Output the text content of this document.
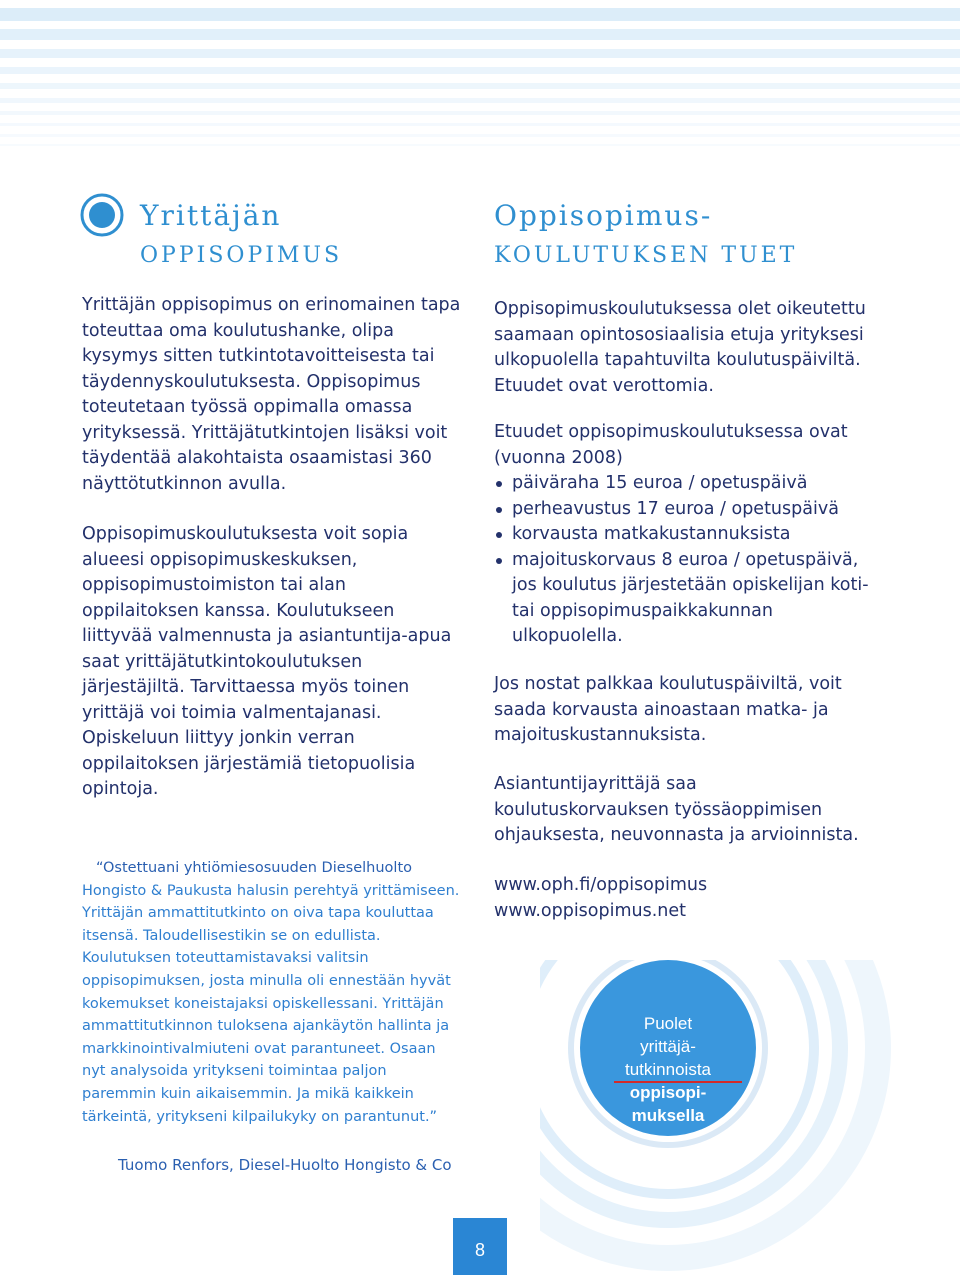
Yrittäjän
OPPISOPIMUS
Oppisopimus-
KOULUTUKSEN TUET

Yrittäjän oppisopimus on erinomainen tapa toteuttaa oma koulutushanke, olipa kysymys sitten tutkintotavoitteisesta tai täydennyskoulutuksesta. Oppisopimus toteutetaan työssä oppimalla omassa yrityksessä. Yrittäjätutkintojen lisäksi voit täydentää alakohtaista osaamistasi 360 näyttötutkinnon avulla.

Oppisopimuskoulutuksesta voit sopia alueesi oppisopimuskeskuksen, oppisopimustoimiston tai alan oppilaitoksen kanssa. Koulutukseen liittyvää valmennusta ja asiantuntija-apua saat yrittäjätutkintokoulutuksen järjestäjiltä. Tarvittaessa myös toinen yrittäjä voi toimia valmentajanasi. Opiskeluun liittyy jonkin verran oppilaitoksen järjestämiä tietopuolisia opintoja.

“Ostettuani yhtiömiesosuuden Dieselhuolto
Hongisto & Paukusta halusin perehtyä yrittämiseen. Yrittäjän ammattitutkinto on oiva tapa kouluttaa itsensä. Taloudellisestikin se on edullista. Koulutuksen toteuttamistavaksi valitsin oppisopimuksen, josta minulla oli ennestään hyvät kokemukset koneistajaksi opiskellessani. Yrittäjän ammattitutkinnon tuloksena ajankäytön hallinta ja markkinointivalmiuteni ovat parantuneet. Osaan nyt analysoida yritykseni toimintaa paljon paremmin kuin aikaisemmin. Ja mikä kaikkein tärkeintä, yritykseni kilpailukyky on parantunut.”

Tuomo Renfors, Diesel-Huolto Hongisto & Co

Oppisopimuskoulutuksessa olet oikeutettu saamaan opintososiaalisia etuja yrityksesi ulkopuolella tapahtuvilta koulutuspäiviltä. Etuudet ovat verottomia.

Etuudet oppisopimuskoulutuksessa ovat (vuonna 2008)
päiväraha 15 euroa / opetuspäivä
perheavustus 17 euroa / opetuspäivä
korvausta matkakustannuksista
majoituskorvaus 8 euroa / opetuspäivä, jos koulutus järjestetään opiskelijan koti- tai oppisopimuspaikkakunnan ulkopuolella.

Jos nostat palkkaa koulutuspäiviltä, voit saada korvausta ainoastaan matka- ja majoituskustannuksista.

Asiantuntijayrittäjä saa koulutuskorvauksen työssäoppimisen ohjauksesta, neuvonnasta ja arvioinnista.

www.oph.fi/oppisopimus
www.oppisopimus.net
Puolet
yrittäjä-
tutkinnoista
oppisopi-
muksella
8
